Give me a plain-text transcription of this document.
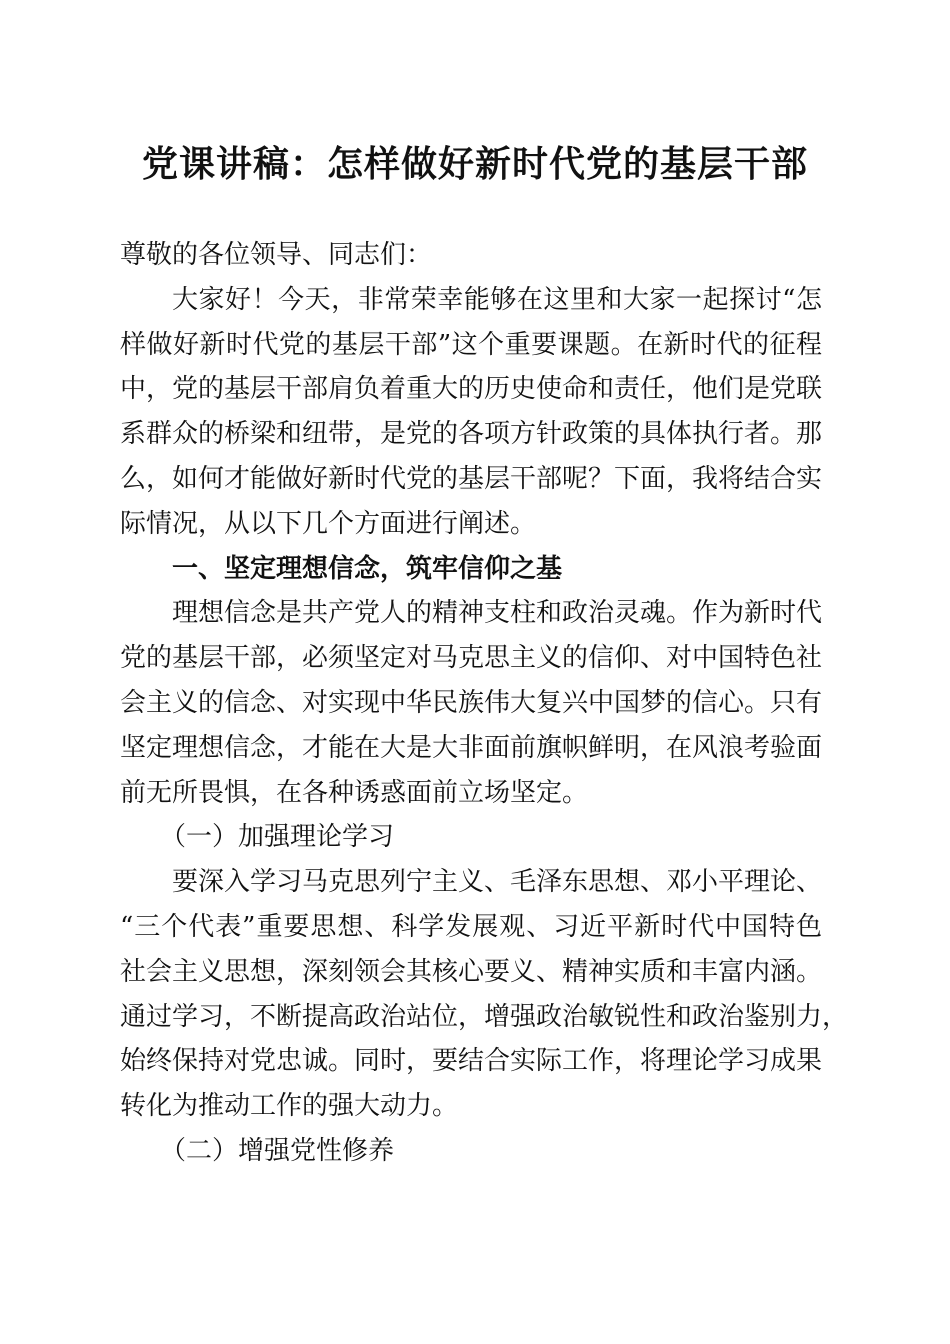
党课讲稿：怎样做好新时代党的基层干部
尊敬的各位领导、同志们：
大家好！今天，非常荣幸能够在这里和大家一起探讨“怎
样做好新时代党的基层干部”这个重要课题。在新时代的征程
中，党的基层干部肩负着重大的历史使命和责任，他们是党联
系群众的桥梁和纽带，是党的各项方针政策的具体执行者。那
么，如何才能做好新时代党的基层干部呢？下面，我将结合实
际情况，从以下几个方面进行阐述。
一、坚定理想信念，筑牢信仰之基
理想信念是共产党人的精神支柱和政治灵魂。作为新时代
党的基层干部，必须坚定对马克思主义的信仰、对中国特色社
会主义的信念、对实现中华民族伟大复兴中国梦的信心。只有
坚定理想信念，才能在大是大非面前旗帜鲜明，在风浪考验面
前无所畏惧，在各种诱惑面前立场坚定。
（一）加强理论学习
要深入学习马克思列宁主义、毛泽东思想、邓小平理论、
“三个代表”重要思想、科学发展观、习近平新时代中国特色
社会主义思想，深刻领会其核心要义、精神实质和丰富内涵。
通过学习，不断提高政治站位，增强政治敏锐性和政治鉴别力，
始终保持对党忠诚。同时，要结合实际工作，将理论学习成果
转化为推动工作的强大动力。
（二）增强党性修养
